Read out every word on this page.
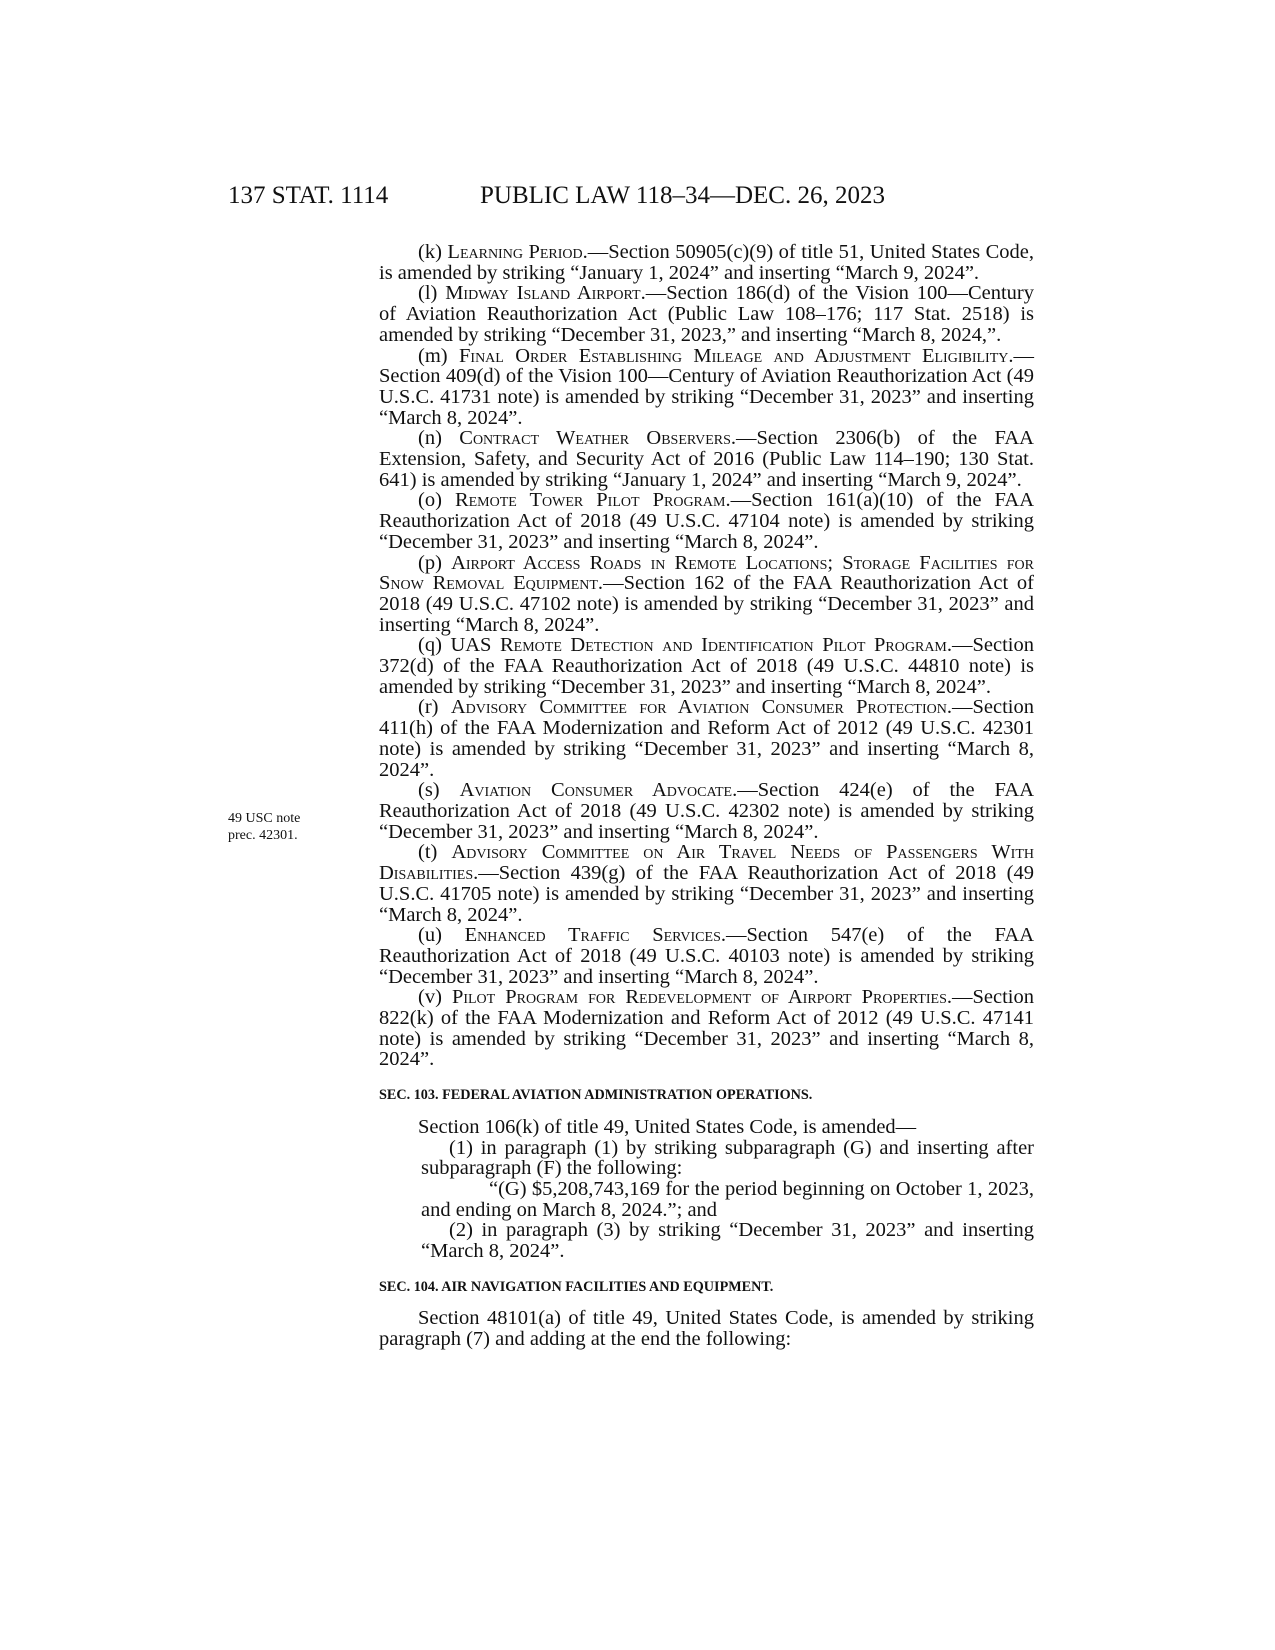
137 STAT. 1114	PUBLIC LAW 118–34—DEC. 26, 2023
49 USC note
prec. 42301.

(k) Learning Period.—Section 50905(c)(9) of title 51, United States Code, is amended by striking “January 1, 2024” and inserting “March 9, 2024”.

(l) Midway Island Airport.—Section 186(d) of the Vision 100—Century of Aviation Reauthorization Act (Public Law 108–176; 117 Stat. 2518) is amended by striking “December 31, 2023,” and inserting “March 8, 2024,”.

(m) Final Order Establishing Mileage and Adjustment Eligibility.—Section 409(d) of the Vision 100—Century of Aviation Reauthorization Act (49 U.S.C. 41731 note) is amended by striking “December 31, 2023” and inserting “March 8, 2024”.

(n) Contract Weather Observers.—Section 2306(b) of the FAA Extension, Safety, and Security Act of 2016 (Public Law 114–190; 130 Stat. 641) is amended by striking “January 1, 2024” and inserting “March 9, 2024”.

(o) Remote Tower Pilot Program.—Section 161(a)(10) of the FAA Reauthorization Act of 2018 (49 U.S.C. 47104 note) is amended by striking “December 31, 2023” and inserting “March 8, 2024”.

(p) Airport Access Roads in Remote Locations; Storage Facilities for Snow Removal Equipment.—Section 162 of the FAA Reauthorization Act of 2018 (49 U.S.C. 47102 note) is amended by striking “December 31, 2023” and inserting “March 8, 2024”.

(q) UAS Remote Detection and Identification Pilot Program.—Section 372(d) of the FAA Reauthorization Act of 2018 (49 U.S.C. 44810 note) is amended by striking “December 31, 2023” and inserting “March 8, 2024”.

(r) Advisory Committee for Aviation Consumer Protection.—Section 411(h) of the FAA Modernization and Reform Act of 2012 (49 U.S.C. 42301 note) is amended by striking “December 31, 2023” and inserting “March 8, 2024”.

(s) Aviation Consumer Advocate.—Section 424(e) of the FAA Reauthorization Act of 2018 (49 U.S.C. 42302 note) is amended by striking “December 31, 2023” and inserting “March 8, 2024”.

(t) Advisory Committee on Air Travel Needs of Passengers With Disabilities.—Section 439(g) of the FAA Reauthorization Act of 2018 (49 U.S.C. 41705 note) is amended by striking “December 31, 2023” and inserting “March 8, 2024”.

(u) Enhanced Traffic Services.—Section 547(e) of the FAA Reauthorization Act of 2018 (49 U.S.C. 40103 note) is amended by striking “December 31, 2023” and inserting “March 8, 2024”.

(v) Pilot Program for Redevelopment of Airport Properties.—Section 822(k) of the FAA Modernization and Reform Act of 2012 (49 U.S.C. 47141 note) is amended by striking “December 31, 2023” and inserting “March 8, 2024”.

SEC. 103. FEDERAL AVIATION ADMINISTRATION OPERATIONS.

Section 106(k) of title 49, United States Code, is amended—

(1) in paragraph (1) by striking subparagraph (G) and inserting after subparagraph (F) the following:

“(G) $5,208,743,169 for the period beginning on October 1, 2023, and ending on March 8, 2024.”; and

(2) in paragraph (3) by striking “December 31, 2023” and inserting “March 8, 2024”.

SEC. 104. AIR NAVIGATION FACILITIES AND EQUIPMENT.

Section 48101(a) of title 49, United States Code, is amended by striking paragraph (7) and adding at the end the following:
